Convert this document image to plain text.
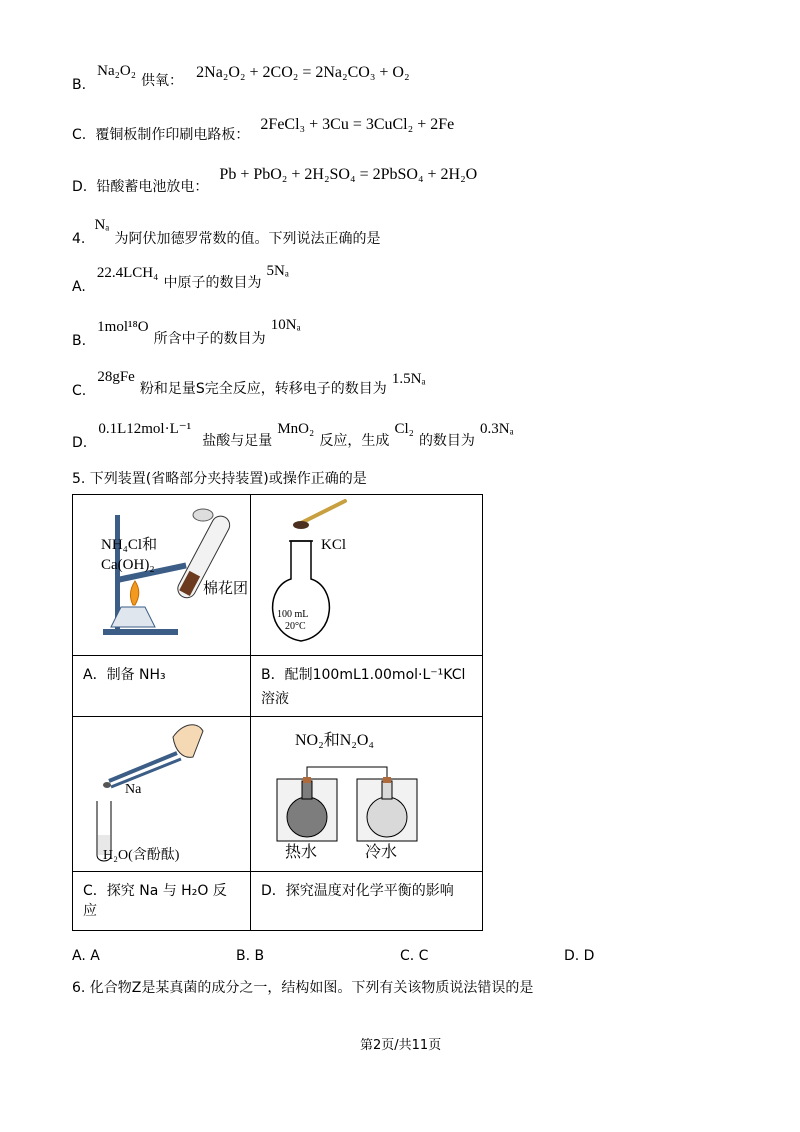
B. Na₂O₂ 供氧： 2Na₂O₂ + 2CO₂ = 2Na₂CO₃ + O₂
C. 覆铜板制作印刷电路板： 2FeCl₃ + 3Cu = 3CuCl₂ + 2Fe
D. 铅酸蓄电池放电： Pb + PbO₂ + 2H₂SO₄ = 2PbSO₄ + 2H₂O
4. Nₐ 为阿伏加德罗常数的值。下列说法正确的是
A. 22.4LCH₄ 中原子的数目为 5Nₐ
B. 1mol¹⁸O 所含中子的数目为 10Nₐ
C. 28gFe 粉和足量S完全反应，转移电子的数目为 1.5Nₐ
D. 0.1L12mol·L⁻¹ 盐酸与足量 MnO₂ 反应，生成 Cl₂ 的数目为 0.3Nₐ
5. 下列装置(省略部分夹持装置)或操作正确的是
NH₄Cl和
Ca(OH)₂
棉花团	KCl
100 mL
20°C

A．制备 NH₃	B．配制100mL1.00mol·L⁻¹KCl
溶液

Na
H₂O(含酚酞)	NO₂和N₂O₄
热水 冷水

C．探究 Na 与 H₂O 反应	D．探究温度对化学平衡的影响
A. A	B. B	C. C	D. D
6. 化合物Z是某真菌的成分之一，结构如图。下列有关该物质说法错误的是
第2页/共11页
